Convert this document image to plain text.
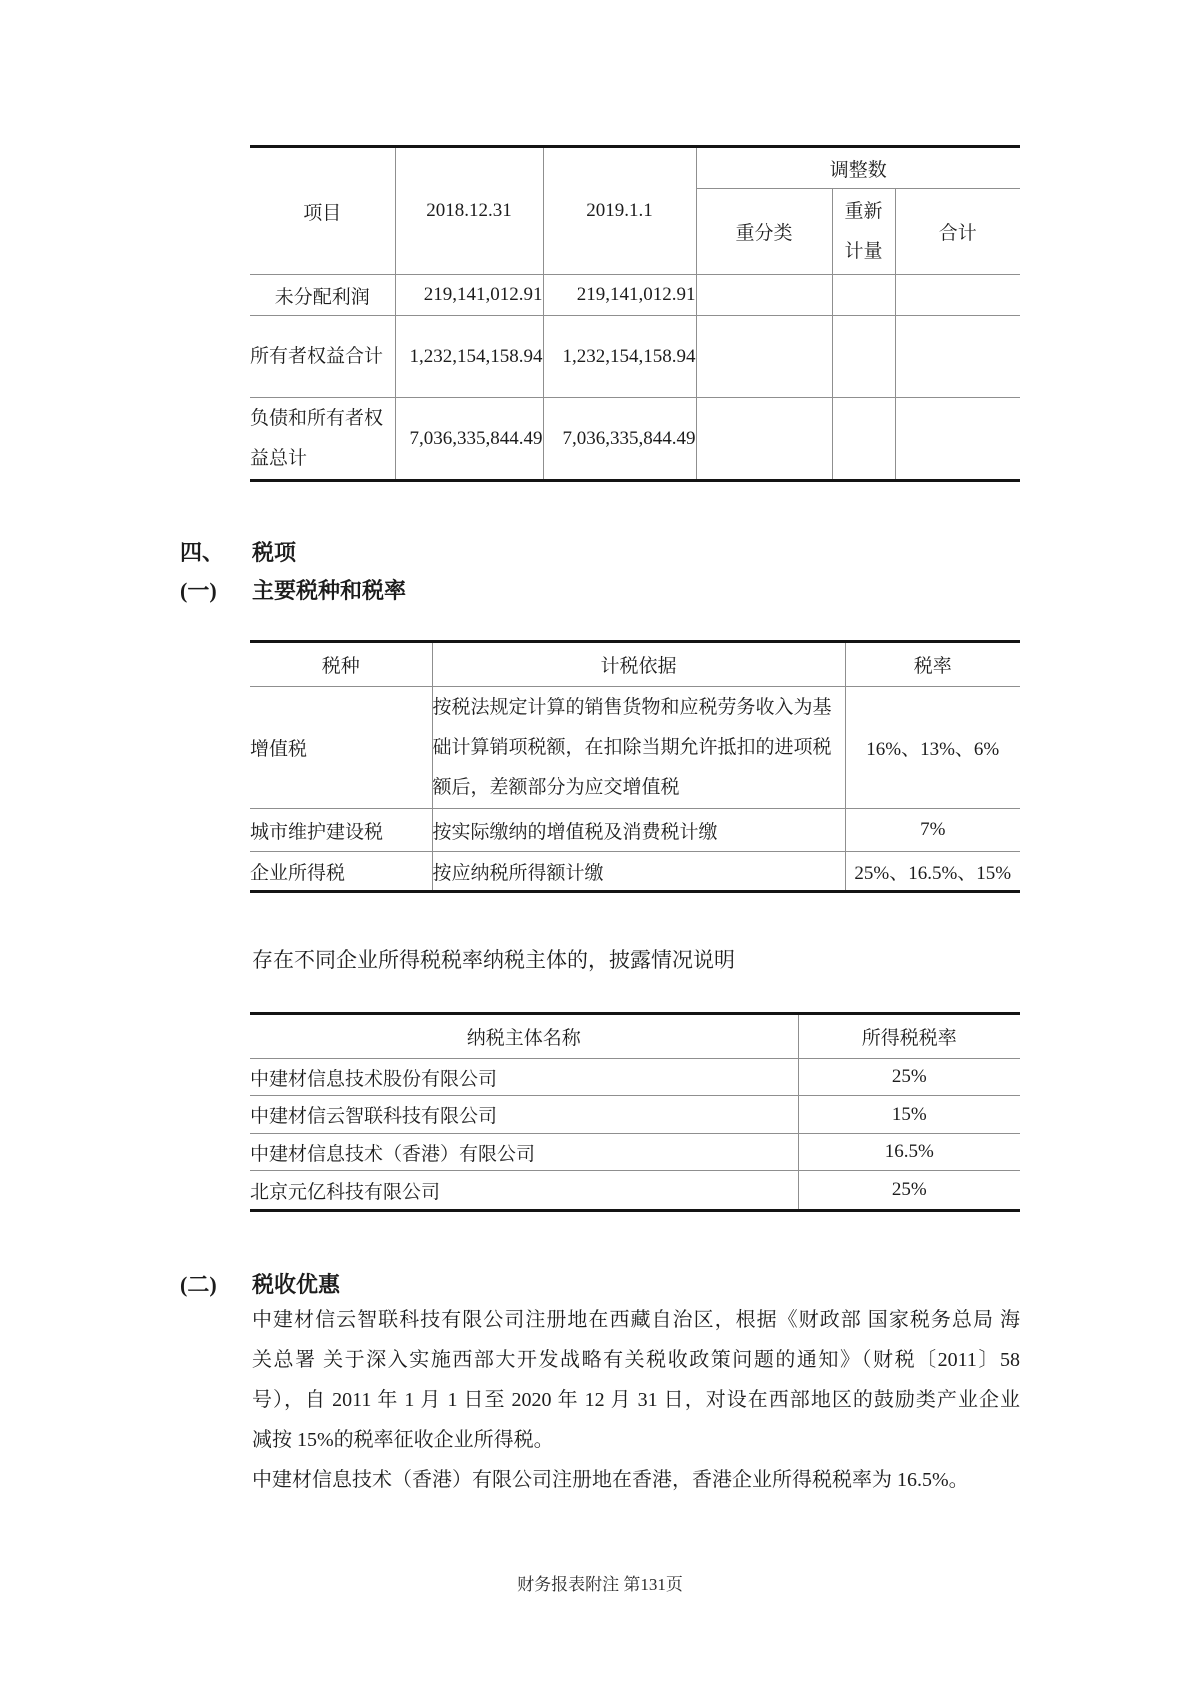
项目	2018.12.31	2019.1.1	调整数		
			重分类	重新计量	合计
未分配利润	219,141,012.91	219,141,012.91			
所有者权益合计	1,232,154,158.94	1,232,154,158.94			
负债和所有者权益总计	7,036,335,844.49	7,036,335,844.49			
四、 税项
(一) 主要税种和税率
税种	计税依据	税率
增值税	按税法规定计算的销售货物和应税劳务收入为基础计算销项税额，在扣除当期允许抵扣的进项税额后，差额部分为应交增值税	16%、13%、6%
城市维护建设税	按实际缴纳的增值税及消费税计缴	7%
企业所得税	按应纳税所得额计缴	25%、16.5%、15%
存在不同企业所得税税率纳税主体的，披露情况说明
纳税主体名称	所得税税率
中建材信息技术股份有限公司	25%
中建材信云智联科技有限公司	15%
中建材信息技术（香港）有限公司	16.5%
北京元亿科技有限公司	25%
(二) 税收优惠
中建材信云智联科技有限公司注册地在西藏自治区，根据《财政部 国家税务总局 海
关总署 关于深入实施西部大开发战略有关税收政策问题的通知》（财税〔2011〕58
号），自 2011 年 1 月 1 日至 2020 年 12 月 31 日，对设在西部地区的鼓励类产业企业
减按 15%的税率征收企业所得税。
中建材信息技术（香港）有限公司注册地在香港，香港企业所得税税率为 16.5%。
财务报表附注 第131页
